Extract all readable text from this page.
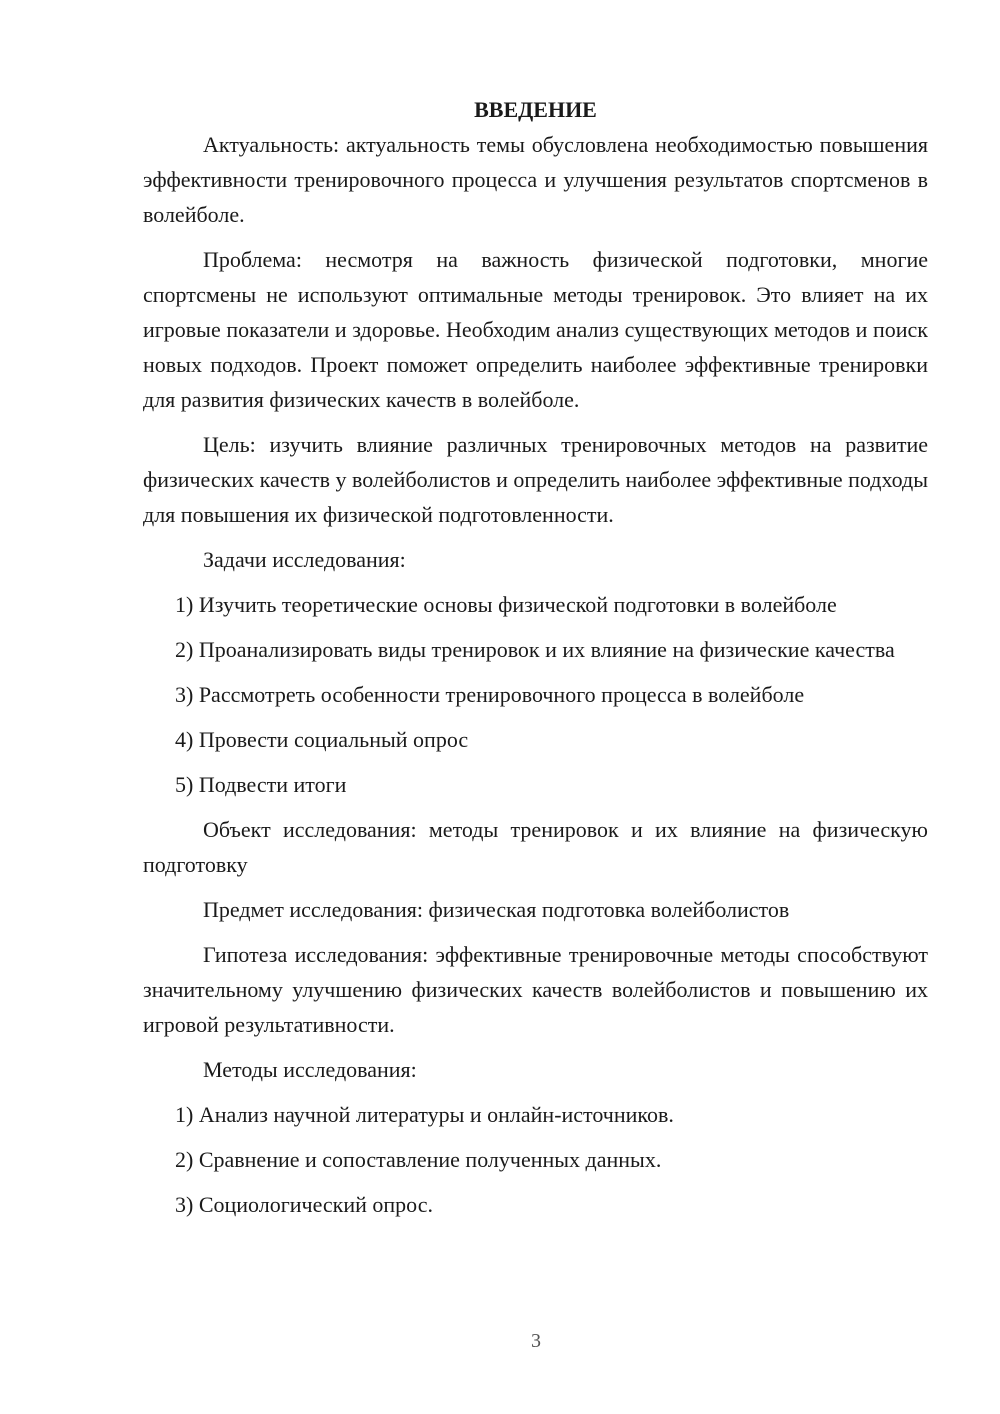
ВВЕДЕНИЕ

Актуальность: актуальность темы обусловлена необходимостью повышения эффективности тренировочного процесса и улучшения результатов спортсменов в волейболе.

Проблема: несмотря на важность физической подготовки, многие спортсмены не используют оптимальные методы тренировок. Это влияет на их игровые показатели и здоровье. Необходим анализ существующих методов и поиск новых подходов. Проект поможет определить наиболее эффективные тренировки для развития физических качеств в волейболе.

Цель: изучить влияние различных тренировочных методов на развитие физических качеств у волейболистов и определить наиболее эффективные подходы для повышения их физической подготовленности.

Задачи исследования:

1) Изучить теоретические основы физической подготовки в волейболе

2) Проанализировать виды тренировок и их влияние на физические качества

3) Рассмотреть особенности тренировочного процесса в волейболе

4) Провести социальный опрос

5) Подвести итоги

Объект исследования: методы тренировок и их влияние на физическую подготовку

Предмет исследования: физическая подготовка волейболистов

Гипотеза исследования: эффективные тренировочные методы способствуют значительному улучшению физических качеств волейболистов и повышению их игровой результативности.

Методы исследования:

1) Анализ научной литературы и онлайн-источников.

2) Сравнение и сопоставление полученных данных.

3) Социологический опрос.

3
